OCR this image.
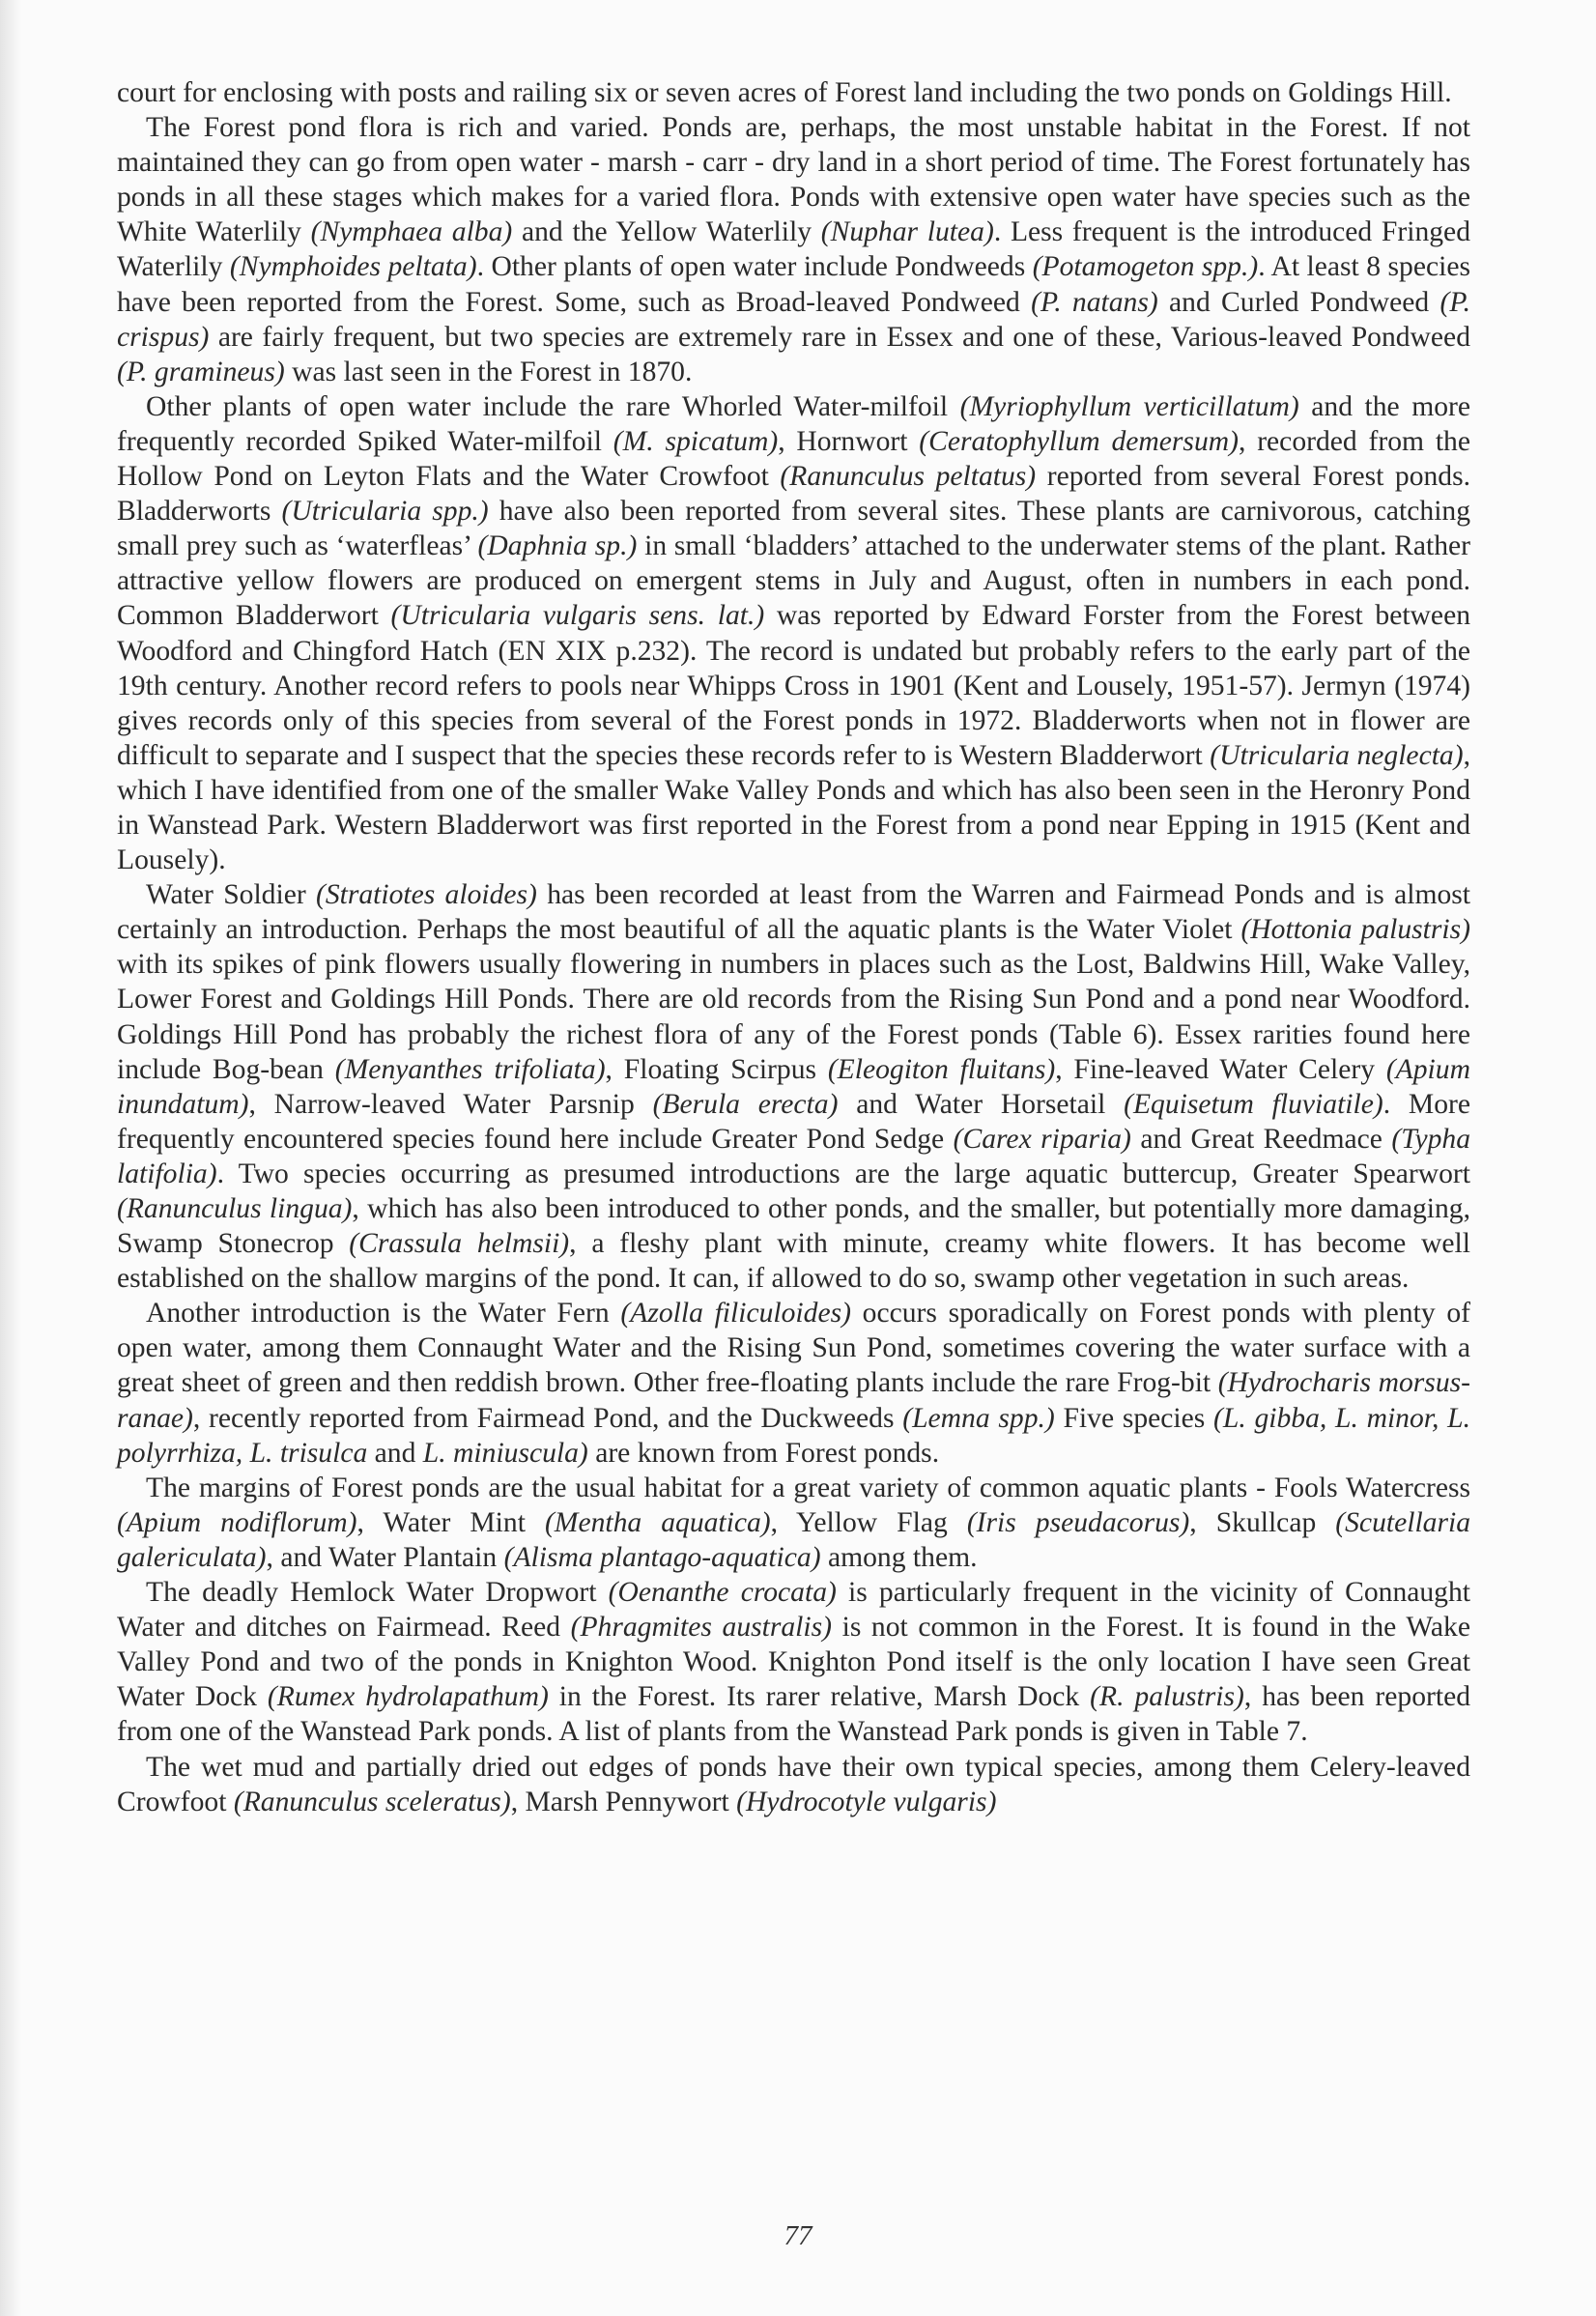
court for enclosing with posts and railing six or seven acres of Forest land including the two ponds on Goldings Hill.

The Forest pond flora is rich and varied. Ponds are, perhaps, the most unstable habitat in the Forest. If not maintained they can go from open water - marsh - carr - dry land in a short period of time. The Forest fortunately has ponds in all these stages which makes for a varied flora. Ponds with extensive open water have species such as the White Waterlily (Nymphaea alba) and the Yellow Waterlily (Nuphar lutea). Less frequent is the introduced Fringed Waterlily (Nymphoides peltata). Other plants of open water include Pondweeds (Potamogeton spp.). At least 8 species have been reported from the Forest. Some, such as Broad-leaved Pondweed (P. natans) and Curled Pondweed (P. crispus) are fairly frequent, but two species are extremely rare in Essex and one of these, Various-leaved Pondweed (P. gramineus) was last seen in the Forest in 1870.

Other plants of open water include the rare Whorled Water-milfoil (Myriophyllum verticillatum) and the more frequently recorded Spiked Water-milfoil (M. spicatum), Hornwort (Ceratophyllum demersum), recorded from the Hollow Pond on Leyton Flats and the Water Crowfoot (Ranunculus peltatus) reported from several Forest ponds. Bladderworts (Utricularia spp.) have also been reported from several sites. These plants are carnivorous, catching small prey such as ‘waterfleas’ (Daphnia sp.) in small ‘bladders’ attached to the underwater stems of the plant. Rather attractive yellow flowers are produced on emergent stems in July and August, often in numbers in each pond. Common Bladderwort (Utricularia vulgaris sens. lat.) was reported by Edward Forster from the Forest between Woodford and Chingford Hatch (EN XIX p.232). The record is undated but probably refers to the early part of the 19th century. Another record refers to pools near Whipps Cross in 1901 (Kent and Lousely, 1951-57). Jermyn (1974) gives records only of this species from several of the Forest ponds in 1972. Bladderworts when not in flower are difficult to separate and I suspect that the species these records refer to is Western Bladderwort (Utricularia neglecta), which I have identified from one of the smaller Wake Valley Ponds and which has also been seen in the Heronry Pond in Wanstead Park. Western Bladderwort was first reported in the Forest from a pond near Epping in 1915 (Kent and Lousely).

Water Soldier (Stratiotes aloides) has been recorded at least from the Warren and Fairmead Ponds and is almost certainly an introduction. Perhaps the most beautiful of all the aquatic plants is the Water Violet (Hottonia palustris) with its spikes of pink flowers usually flowering in numbers in places such as the Lost, Baldwins Hill, Wake Valley, Lower Forest and Goldings Hill Ponds. There are old records from the Rising Sun Pond and a pond near Woodford. Goldings Hill Pond has probably the richest flora of any of the Forest ponds (Table 6). Essex rarities found here include Bog-bean (Menyanthes trifoliata), Floating Scirpus (Eleogiton fluitans), Fine-leaved Water Celery (Apium inundatum), Narrow-leaved Water Parsnip (Berula erecta) and Water Horsetail (Equisetum fluviatile). More frequently encountered species found here include Greater Pond Sedge (Carex riparia) and Great Reedmace (Typha latifolia). Two species occurring as presumed introductions are the large aquatic buttercup, Greater Spearwort (Ranunculus lingua), which has also been introduced to other ponds, and the smaller, but potentially more damaging, Swamp Stonecrop (Crassula helmsii), a fleshy plant with minute, creamy white flowers. It has become well established on the shallow margins of the pond. It can, if allowed to do so, swamp other vegetation in such areas.

Another introduction is the Water Fern (Azolla filiculoides) occurs sporadically on Forest ponds with plenty of open water, among them Connaught Water and the Rising Sun Pond, sometimes covering the water surface with a great sheet of green and then reddish brown. Other free-floating plants include the rare Frog-bit (Hydrocharis morsus-ranae), recently reported from Fairmead Pond, and the Duckweeds (Lemna spp.) Five species (L. gibba, L. minor, L. polyrrhiza, L. trisulca and L. miniuscula) are known from Forest ponds.

The margins of Forest ponds are the usual habitat for a great variety of common aquatic plants - Fools Watercress (Apium nodiflorum), Water Mint (Mentha aquatica), Yellow Flag (Iris pseudacorus), Skullcap (Scutellaria galericulata), and Water Plantain (Alisma plantago-aquatica) among them.

The deadly Hemlock Water Dropwort (Oenanthe crocata) is particularly frequent in the vicinity of Connaught Water and ditches on Fairmead. Reed (Phragmites australis) is not common in the Forest. It is found in the Wake Valley Pond and two of the ponds in Knighton Wood. Knighton Pond itself is the only location I have seen Great Water Dock (Rumex hydrolapathum) in the Forest. Its rarer relative, Marsh Dock (R. palustris), has been reported from one of the Wanstead Park ponds. A list of plants from the Wanstead Park ponds is given in Table 7.

The wet mud and partially dried out edges of ponds have their own typical species, among them Celery-leaved Crowfoot (Ranunculus sceleratus), Marsh Pennywort (Hydrocotyle vulgaris)

77
